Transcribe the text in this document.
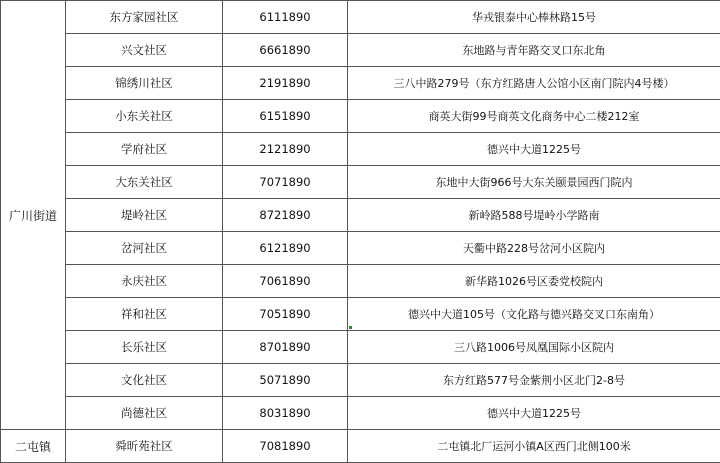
广川街道	东方家园社区	6111890	华戎银泰中心棒林路15号
	兴文社区	6661890	东地路与青年路交叉口东北角
	锦绣川社区	2191890	三八中路279号（东方红路唐人公馆小区南门院内4号楼）
	小东关社区	6151890	商英大街99号商英文化商务中心二楼212室
	学府社区	2121890	德兴中大道1225号
	大东关社区	7071890	东地中大街966号大东关颐景园西门院内
	堤岭社区	8721890	新岭路588号堤岭小学路南
	岔河社区	6121890	天衢中路228号岔河小区院内
	永庆社区	7061890	新华路1026号区委党校院内
	祥和社区	7051890	德兴中大道105号（文化路与德兴路交叉口东南角）
	长乐社区	8701890	三八路1006号凤凰国际小区院内
	文化社区	5071890	东方红路577号金紫荆小区北门2-8号
	尚德社区	8031890	德兴中大道1225号
二屯镇	舜昕苑社区	7081890	二屯镇北厂运河小镇A区西门北侧100米
